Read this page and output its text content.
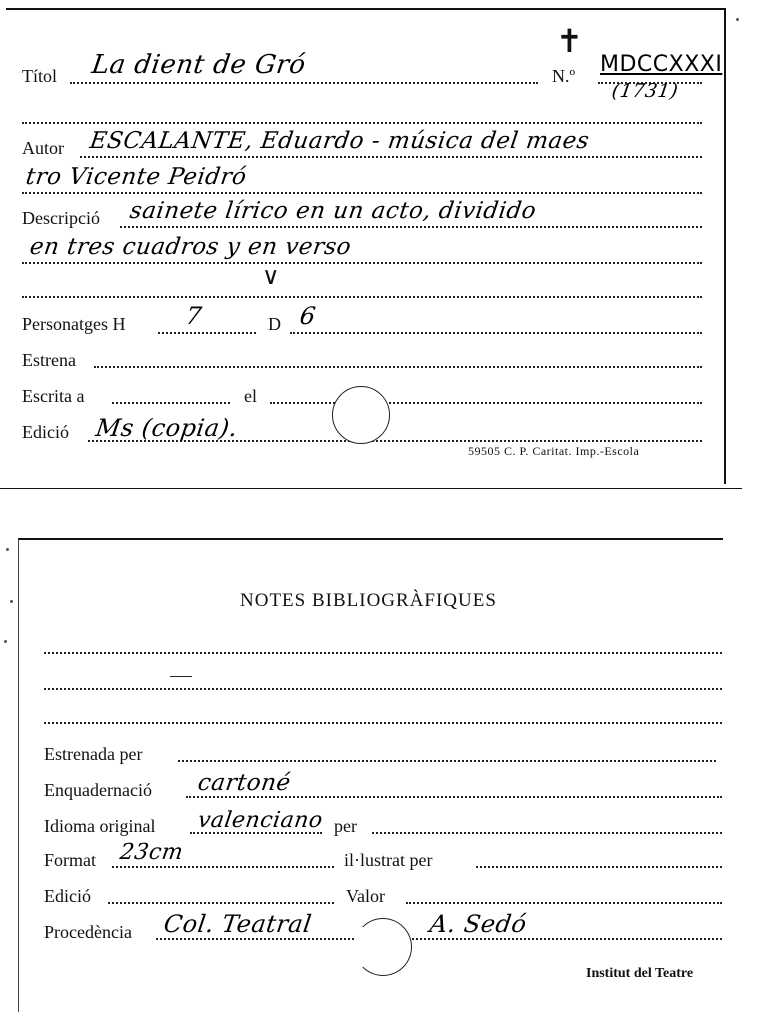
✝
Títol La dient de Gró	N.º MDCCXXXI
(1731)
Autor ESCALANTE, Eduardo - música del maes
tro Vicente Peidró
Descripció sainete lírico en un acto, dividido
en tres cuadros y en verso
∨
Personatges H 7	D 6
Estrena
Escrita a	el
Edició Ms (copia).
59505 C. P. Caritat. Imp.-Escola
NOTES BIBLIOGRÀFIQUES
Estrenada per
Enquadernació cartoné
Idioma original valenciano per
Format 23cm	il·lustrat per
Edició	Valor
Procedència Col. Teatral	A. Sedó
Institut del Teatre
